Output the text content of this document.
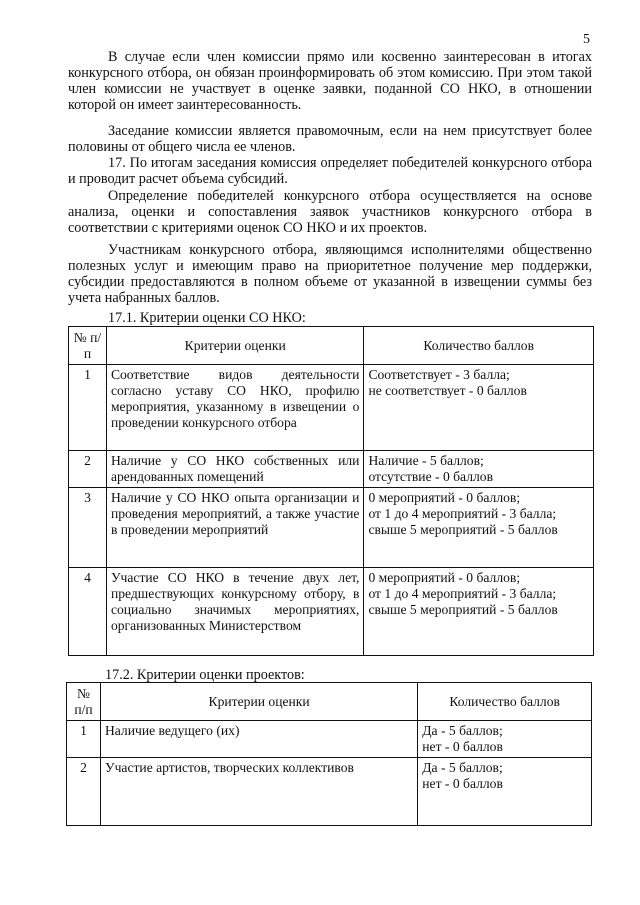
5

В случае если член комиссии прямо или косвенно заинтересован в итогах конкурсного отбора, он обязан проинформировать об этом комиссию. При этом такой член комиссии не участвует в оценке заявки, поданной СО НКО, в отношении которой он имеет заинтересованность.

Заседание комиссии является правомочным, если на нем присутствует более половины от общего числа ее членов.

17. По итогам заседания комиссия определяет победителей конкурсного отбора и проводит расчет объема субсидий.

Определение победителей конкурсного отбора осуществляется на основе анализа, оценки и сопоставления заявок участников конкурсного отбора в соответствии с критериями оценок СО НКО и их проектов.

Участникам конкурсного отбора, являющимся исполнителями общественно полезных услуг и имеющим право на приоритетное получение мер поддержки, субсидии предоставляются в полном объеме от указанной в извещении суммы без учета набранных баллов.

17.1. Критерии оценки СО НКО:

№ п/п	Критерии оценки	Количество баллов
1	Соответствие видов деятельности согласно уставу СО НКО, профилю мероприятия, указанному в извещении о проведении конкурсного отбора	Соответствует - 3 балла;
не соответствует - 0 баллов

2	Наличие у СО НКО собственных или арендованных помещений	Наличие - 5 баллов;
отсутствие - 0 баллов

3	Наличие у СО НКО опыта организации и проведения мероприятий, а также участие в проведении мероприятий	0 мероприятий - 0 баллов;
от 1 до 4 мероприятий - 3 балла;
свыше 5 мероприятий - 5 баллов

4	Участие СО НКО в течение двух лет, предшествующих конкурсному отбору, в социально значимых мероприятиях, организованных Министерством	0 мероприятий - 0 баллов;
от 1 до 4 мероприятий - 3 балла;
свыше 5 мероприятий - 5 баллов

17.2. Критерии оценки проектов:

№ п/п	Критерии оценки	Количество баллов
1	Наличие ведущего (их)	Да - 5 баллов;
нет - 0 баллов

2	Участие артистов, творческих коллективов	Да - 5 баллов;
нет - 0 баллов
